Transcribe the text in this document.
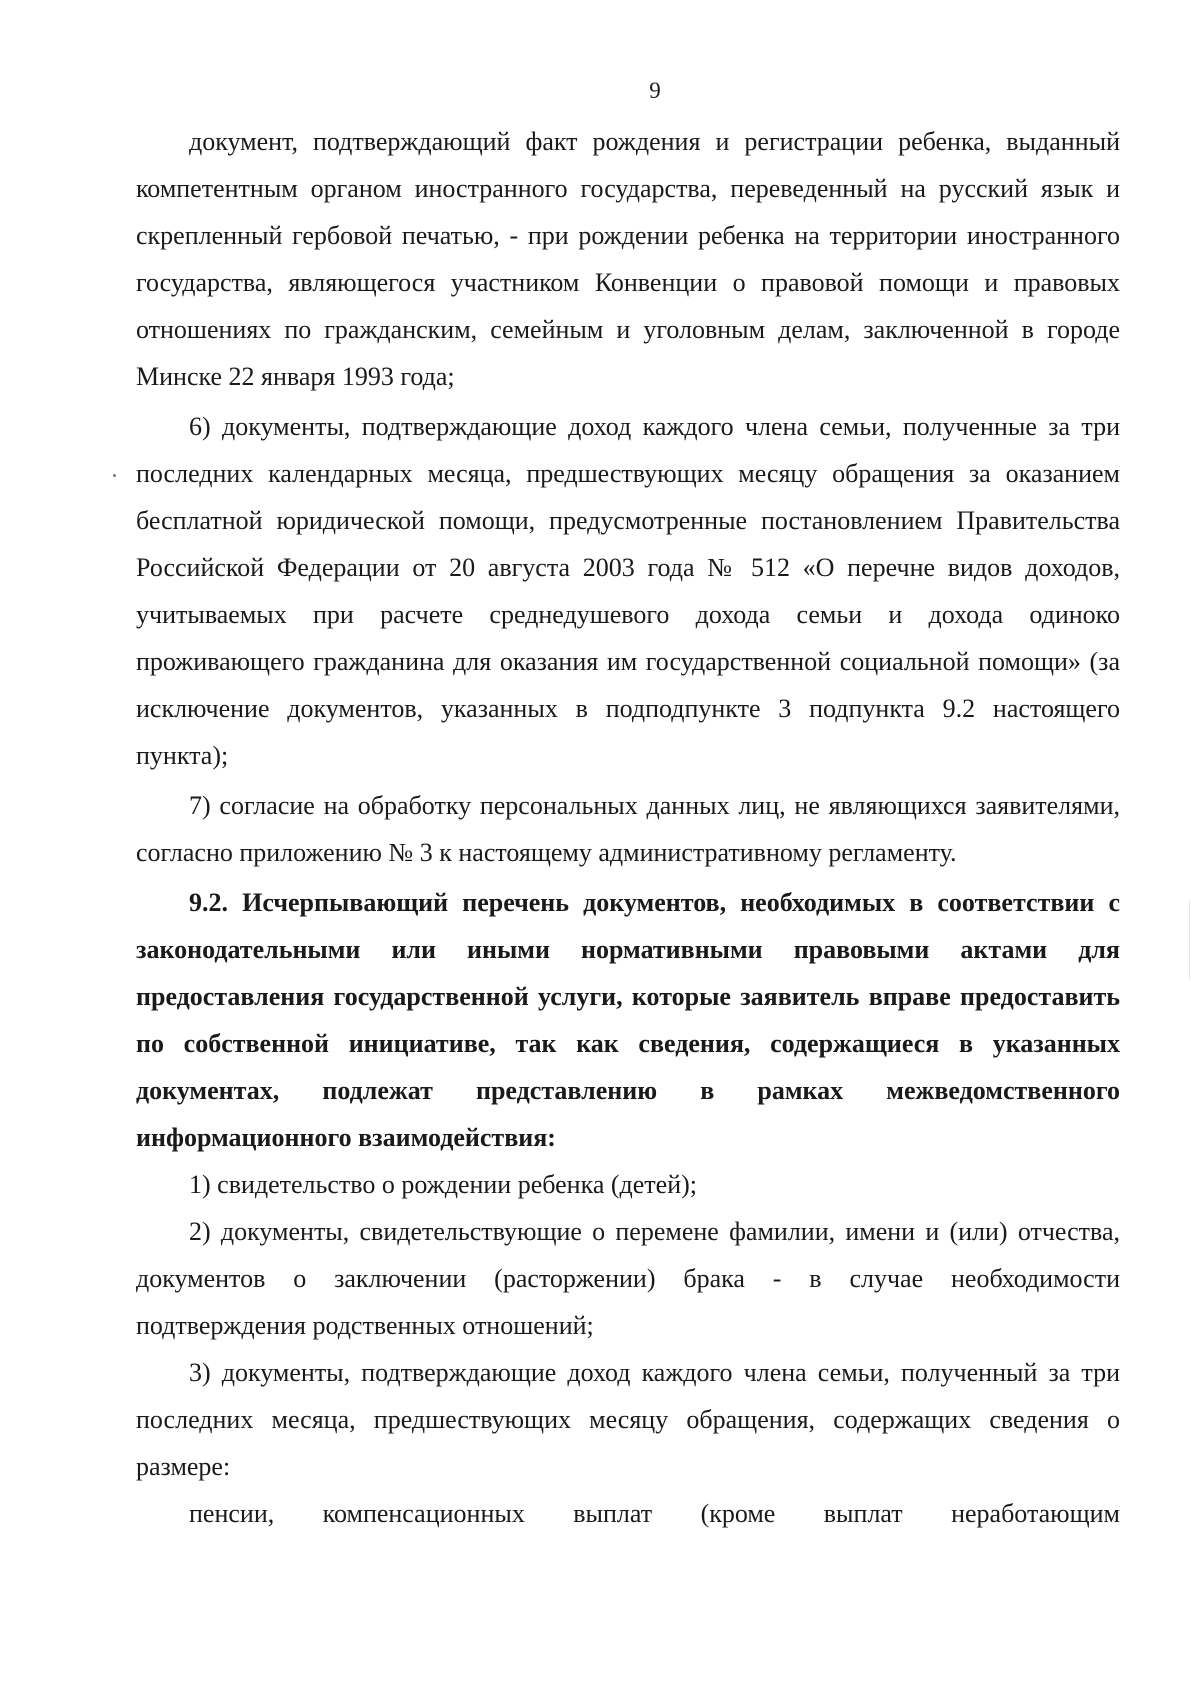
9

документ, подтверждающий факт рождения и регистрации ребенка, выданный компетентным органом иностранного государства, переведенный на русский язык и скрепленный гербовой печатью, - при рождении ребенка на территории иностранного государства, являющегося участником Конвенции о правовой помощи и правовых отношениях по гражданским, семейным и уголовным делам, заключенной в городе Минске 22 января 1993 года;

6) документы, подтверждающие доход каждого члена семьи, полученные за три последних календарных месяца, предшествующих месяцу обращения за оказанием бесплатной юридической помощи, предусмотренные постановлением Правительства Российской Федерации от 20 августа 2003 года № 512 «О перечне видов доходов, учитываемых при расчете среднедушевого дохода семьи и дохода одиноко проживающего гражданина для оказания им государственной социальной помощи» (за исключение документов, указанных в подподпункте 3 подпункта 9.2 настоящего пункта);

7) согласие на обработку персональных данных лиц, не являющихся заявителями, согласно приложению № 3 к настоящему административному регламенту.

9.2. Исчерпывающий перечень документов, необходимых в соответствии с законодательными или иными нормативными правовыми актами для предоставления государственной услуги, которые заявитель вправе предоставить по собственной инициативе, так как сведения, содержащиеся в указанных документах, подлежат представлению в рамках межведомственного информационного взаимодействия:

1) свидетельство о рождении ребенка (детей);

2) документы, свидетельствующие о перемене фамилии, имени и (или) отчества, документов о заключении (расторжении) брака - в случае необходимости подтверждения родственных отношений;

3) документы, подтверждающие доход каждого члена семьи, полученный за три последних месяца, предшествующих месяцу обращения, содержащих сведения о размере:

пенсии, компенсационных выплат (кроме выплат неработающим
